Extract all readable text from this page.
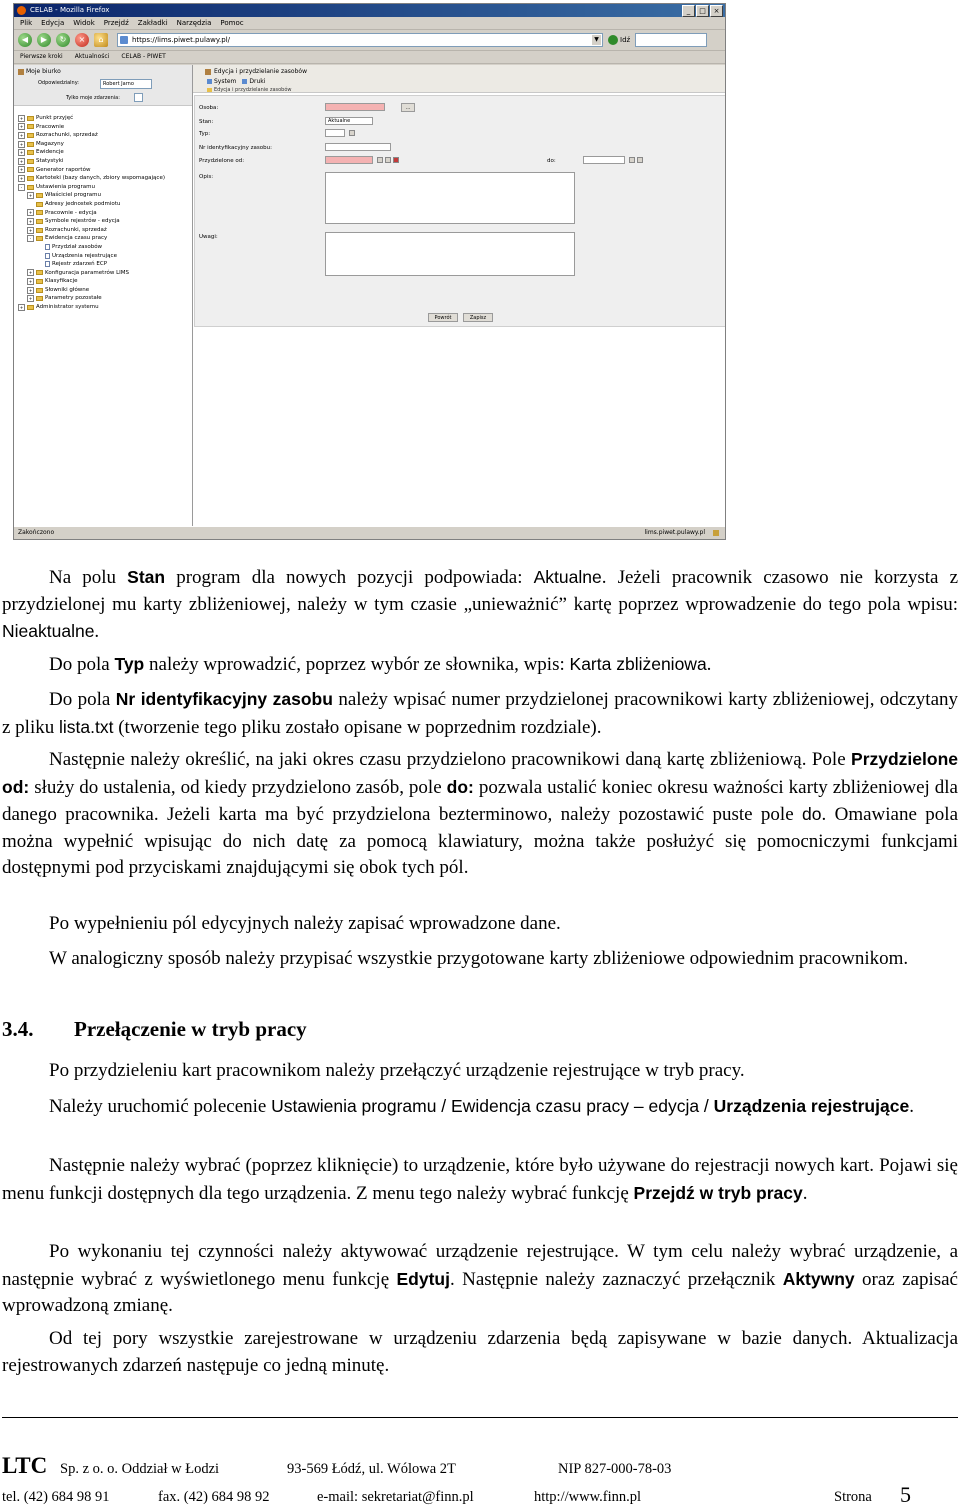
CELAB - Mozilla Firefox	_	□	×
Plik Edycja Widok Przejdź Zakładki Narzędzia Pomoc
◀	▶	↻	×	⌂	https://lims.piwet.pulawy.pl/	▼	Idź
Pierwsze kroki Aktualności CELAB - PIWET
Moje biurko
Odpowiedzialny:	Robert Jarno
Tylko moje zdarzenia:
+	Punkt przyjęć
+	Pracownie
+	Rozrachunki, sprzedaż
+	Magazyny
+	Ewidencje
+	Statystyki
+	Generator raportów
+	Kartoteki (bazy danych, zbiory wspomagające)
-	Ustawienia programu
+	Właściciel programu
Adresy jednostek podmiotu
+	Pracownie - edycja
+	Symbole rejestrów - edycja
+	Rozrachunki, sprzedaż
-	Ewidencja czasu pracy
Przydział zasobów
Urządzenia rejestrujące
Rejestr zdarzeń ECP
+	Konfiguracja parametrów LIMS
+	Klasyfikacje
+	Słowniki główne
+	Parametry pozostałe
+	Administrator systemu
Edycja i przydzielanie zasobów
System	Druki
Edycja i przydzielanie zasobów
Osoba:	...
Stan:	Aktualne
Typ:
Nr identyfikacyjny zasobu:
Przydzielone od:	do:
Opis:
Uwagi:
Powrót	Zapisz
Zakończono	lims.piwet.pulawy.pl
Na polu Stan program dla nowych pozycji podpowiada: Aktualne. Jeżeli pracownik czasowo nie korzysta z przydzielonej mu karty zbliżeniowej, należy w tym czasie „unieważnić” kartę poprzez wprowadzenie do tego pola wpisu: Nieaktualne.
Do pola Typ należy wprowadzić, poprzez wybór ze słownika, wpis: Karta zbliżeniowa.
Do pola Nr identyfikacyjny zasobu należy wpisać numer przydzielonej pracownikowi karty zbliżeniowej, odczytany z pliku lista.txt (tworzenie tego pliku zostało opisane w poprzednim rozdziale).
Następnie należy określić, na jaki okres czasu przydzielono pracownikowi daną kartę zbliżeniową. Pole Przydzielone od: służy do ustalenia, od kiedy przydzielono zasób, pole do: pozwala ustalić koniec okresu ważności karty zbliżeniowej dla danego pracownika. Jeżeli karta ma być przydzielona bezterminowo, należy pozostawić puste pole do. Omawiane pola można wypełnić wpisując do nich datę za pomocą klawiatury, można także posłużyć się pomocniczymi funkcjami dostępnymi pod przyciskami znajdującymi się obok tych pól.
Po wypełnieniu pól edycyjnych należy zapisać wprowadzone dane.
W analogiczny sposób należy przypisać wszystkie przygotowane karty zbliżeniowe odpowiednim pracownikom.
3.4. Przełączenie w tryb pracy
Po przydzieleniu kart pracownikom należy przełączyć urządzenie rejestrujące w tryb pracy.
Należy uruchomić polecenie Ustawienia programu / Ewidencja czasu pracy – edycja / Urządzenia rejestrujące.
Następnie należy wybrać (poprzez kliknięcie) to urządzenie, które było używane do rejestracji nowych kart. Pojawi się menu funkcji dostępnych dla tego urządzenia. Z menu tego należy wybrać funkcję Przejdź w tryb pracy.
Po wykonaniu tej czynności należy aktywować urządzenie rejestrujące. W tym celu należy wybrać urządzenie, a następnie wybrać z wyświetlonego menu funkcję Edytuj. Następnie należy zaznaczyć przełącznik Aktywny oraz zapisać wprowadzoną zmianę.
Od tej pory wszystkie zarejestrowane w urządzeniu zdarzenia będą zapisywane w bazie danych. Aktualizacja rejestrowanych zdarzeń następuje co jedną minutę.
LTC Sp. z o. o. Oddział w Łodzi	93-569 Łódź, ul. Wólowa 2T	NIP 827-000-78-03
tel. (42) 684 98 91	fax. (42) 684 98 92	e-mail: sekretariat@finn.pl	http://www.finn.pl	Strona 5
